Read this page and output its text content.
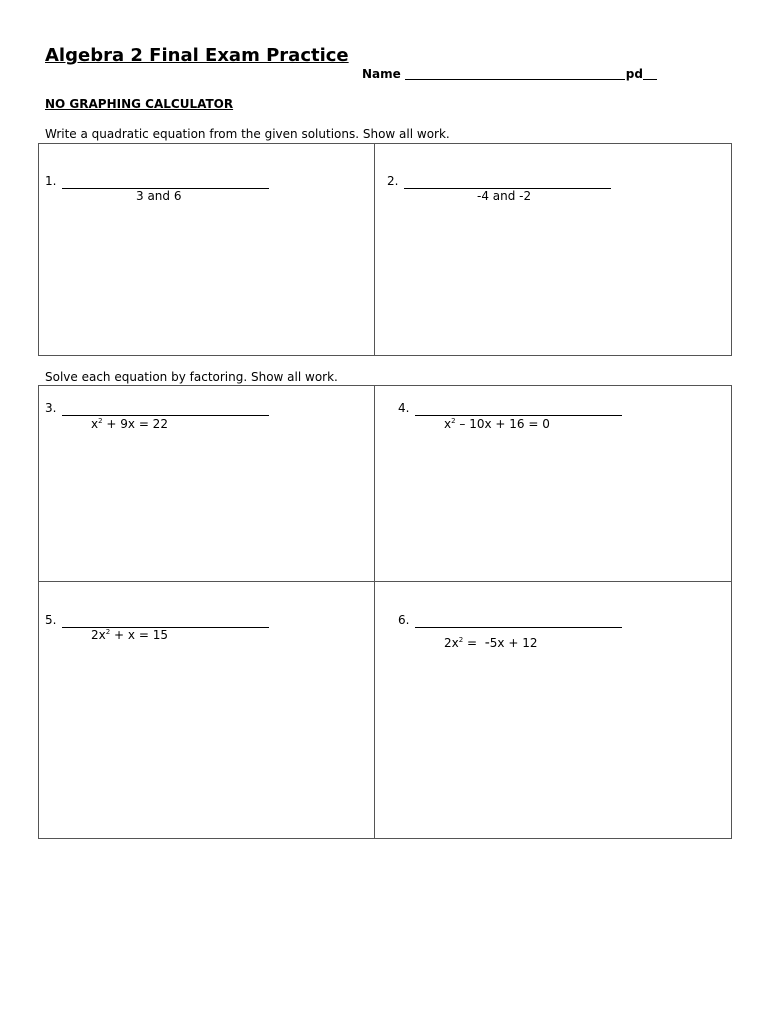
Algebra 2 Final Exam Practice
Name	pd
NO GRAPHING CALCULATOR
Write a quadratic equation from the given solutions. Show all work.
1.
3 and 6
2.
-4 and -2
Solve each equation by factoring. Show all work.
3.
$x^2 + 9x = 22$
4.
$x^2 - 10x + 16 = 0$
5.
$2x^2 + x = 15$
6.
$2x^2 = -5x + 12$
